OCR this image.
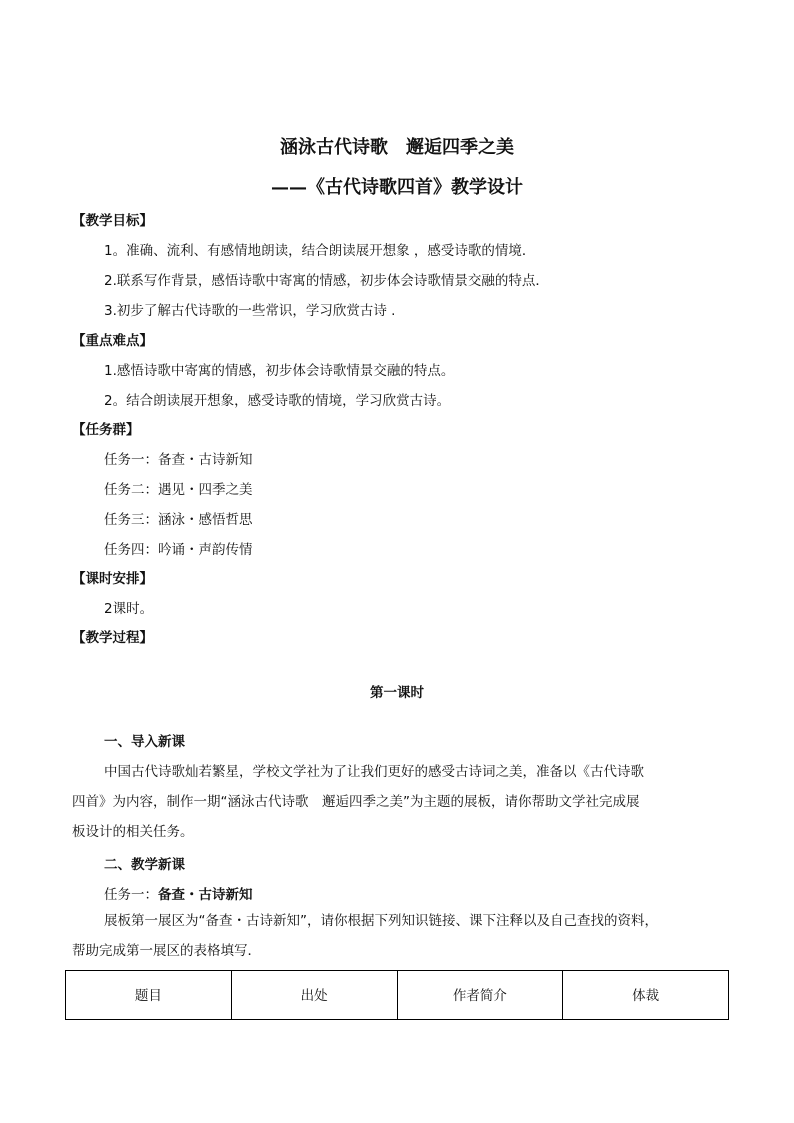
涵泳古代诗歌　邂逅四季之美
——《古代诗歌四首》教学设计
【教学目标】
1。准确、流利、有感情地朗读，结合朗读展开想象 ，感受诗歌的情境．
2.联系写作背景，感悟诗歌中寄寓的情感，初步体会诗歌情景交融的特点．
3.初步了解古代诗歌的一些常识，学习欣赏古诗 .
【重点难点】
1.感悟诗歌中寄寓的情感，初步体会诗歌情景交融的特点。
2。结合朗读展开想象，感受诗歌的情境，学习欣赏古诗。
【任务群】
任务一：备查・古诗新知
任务二：遇见・四季之美
任务三：涵泳・感悟哲思
任务四：吟诵・声韵传情
【课时安排】
2课时。
【教学过程】
第一课时
一、导入新课
中国古代诗歌灿若繁星，学校文学社为了让我们更好的感受古诗词之美，准备以《古代诗歌
四首》为内容，制作一期“涵泳古代诗歌　邂逅四季之美”为主题的展板，请你帮助文学社完成展
板设计的相关任务。
二、教学新课
任务一：备查・古诗新知
展板第一展区为“备查・古诗新知”，请你根据下列知识链接、课下注释以及自己查找的资料，
帮助完成第一展区的表格填写．
题目	出处	作者简介	体裁
